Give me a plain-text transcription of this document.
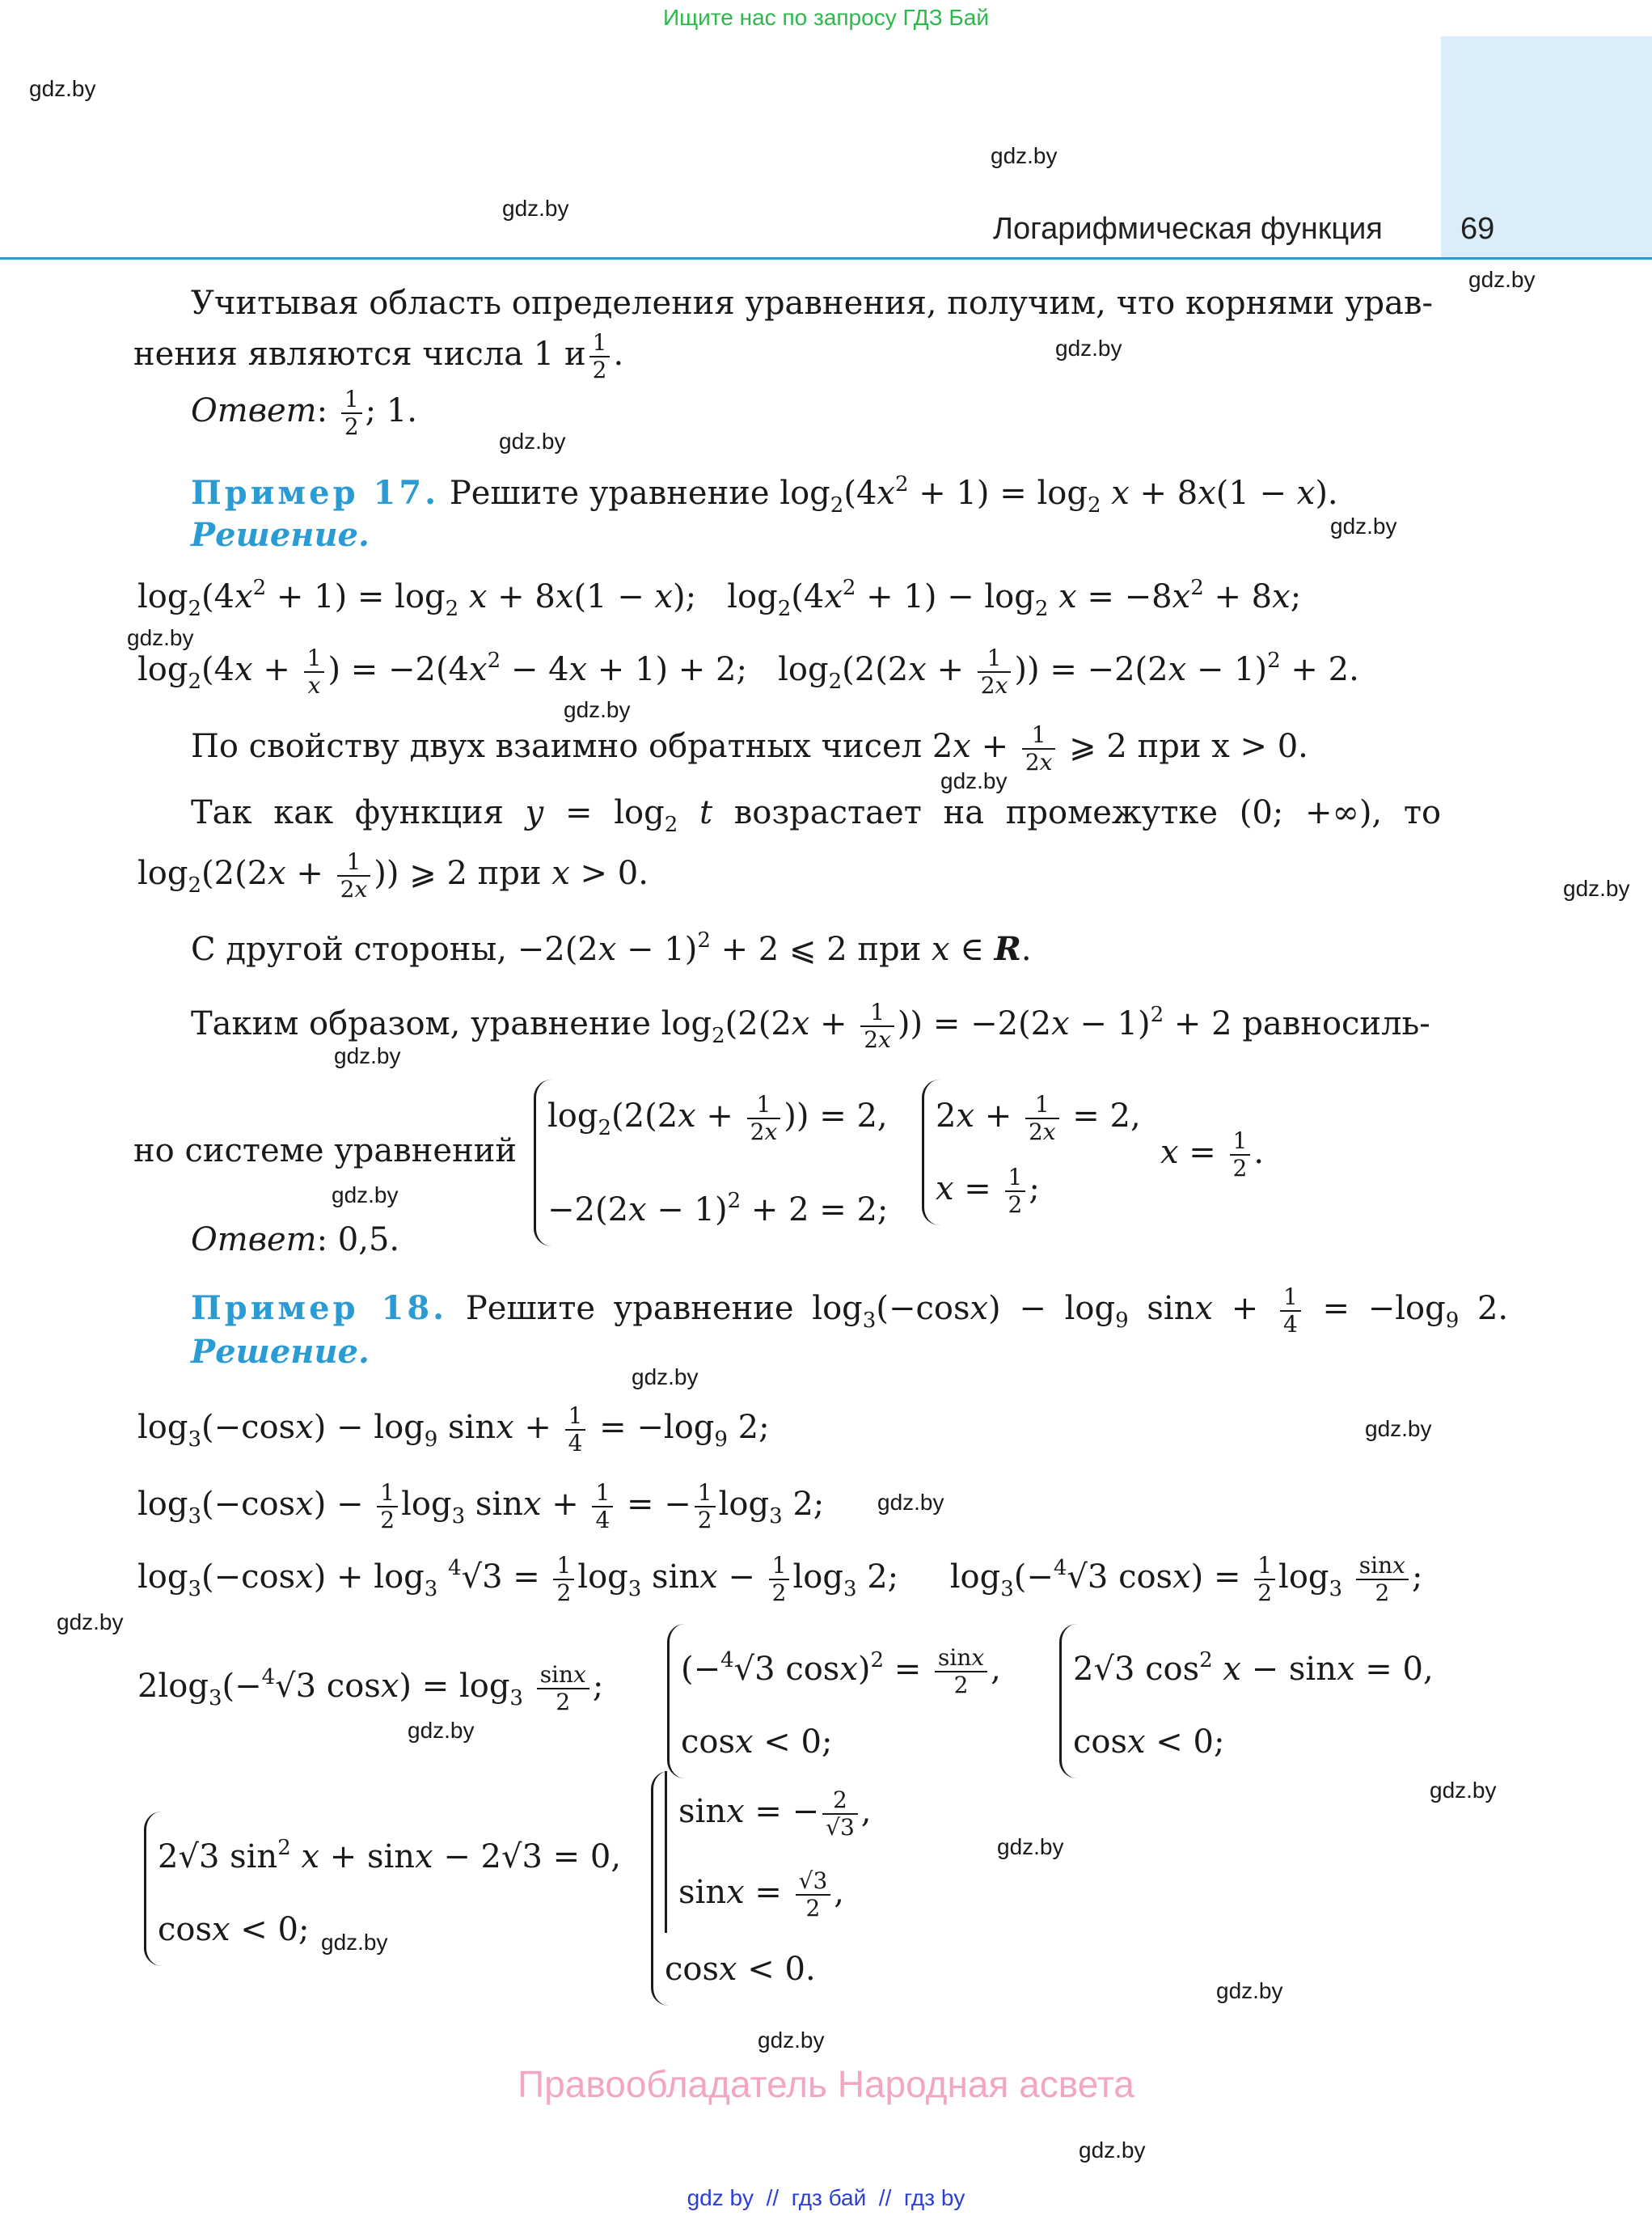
Ищите нас по запросу ГДЗ Бай
Логарифмическая функция	69
gdz.by
gdz.by
gdz.by
gdz.by
gdz.by
gdz.by
gdz.by
gdz.by
gdz.by
gdz.by
gdz.by
gdz.by
gdz.by
gdz.by
gdz.by
gdz.by
gdz.by
gdz.by
gdz.by
gdz.by
gdz.by
gdz.by
gdz.by
gdz.by
Учитывая область определения уравнения, получим, что корнями урав-
нения являются числа 1 и $\frac{1}{2}$ .
Ответ: $\frac{1}{2}$ ; 1.
Пример 17. Решите уравнение $\log_2(4x^2 + 1) = \log_2 x + 8x(1 - x)$.
Решение.
$\log_2(4x^2 + 1) = \log_2 x + 8x(1 - x)$;   $\log_2(4x^2 + 1) - \log_2 x = -8x^2 + 8x$;
$\log_2(4x + \frac{1}{x}$ ) = $-2(4x^2 - 4x + 1) + 2$;   $\log_2(2(2x + \frac{1}{2x}$ )) = $-2(2x - 1)^2 + 2$.
По свойству двух взаимно обратных чисел $2x + \frac{1}{2x}$ ⩾ 2 при x > 0.
Так как функция $y = \log_2 t$ возрастает на промежутке (0; +∞), то
$\log_2(2(2x + \frac{1}{2x}$ )) ⩾ 2 при x > 0.
С другой стороны, $-2(2x - 1)^2 + 2$ ⩽ 2 при x ∈ R.
Таким образом, уравнение $\log_2(2(2x + \frac{1}{2x}$ )) = $-2(2x - 1)^2 + 2$ равносиль-
но системе уравнений
$\log_2(2(2x + \frac{1}{2x}$ )) = 2,
$-2(2x - 1)^2 + 2 = 2$;
$2x + \frac{1}{2x} = 2$,
$x = \frac{1}{2}$ ;
$x = \frac{1}{2}$ .
Ответ: 0,5.
Пример 18. Решите уравнение $\log_3(-\cos x) - \log_9 \sin x + \frac{1}{4} = -\log_9$ 2.
Решение.
$\log_3(-\cos x) - \log_9 \sin x + \frac{1}{4} = -\log_9$ 2;
$\log_3(-\cos x) - \frac{1}{2} \log_3 \sin x + \frac{1}{4}$ = − $\frac{1}{2} \log_3 2$;
$\log_3(-\cos x) + \log_3 ^4√3 = \frac{1}{2} \log_3 \sin x - \frac{1}{2} \log_3 2$;     $\log_3(-^4√3$ $\cos x) = \frac{1}{2} \log_3 \frac{\sin x}{2}$ ;
$2\log_3(-^4√3$ $\cos x) = \log_3 \frac{\sin x}{2}$ ; (−$^4$√3 $\cos x)^2 = \frac{\sin x}{2}$ ,
cosx < 0;
2√3 $\cos^2 x - \sin x = 0$,
cosx < 0;
2√3 $\sin^2 x + \sin x - 2√3 = 0$,
cosx < 0;
sinx = − $\frac{2}{√3}$ ,
$\sin x = \frac{√3}{2}$ ,
cosx < 0.
Правообладатель Народная асвета
gdz by  //  гдз бай  //  гдз by
